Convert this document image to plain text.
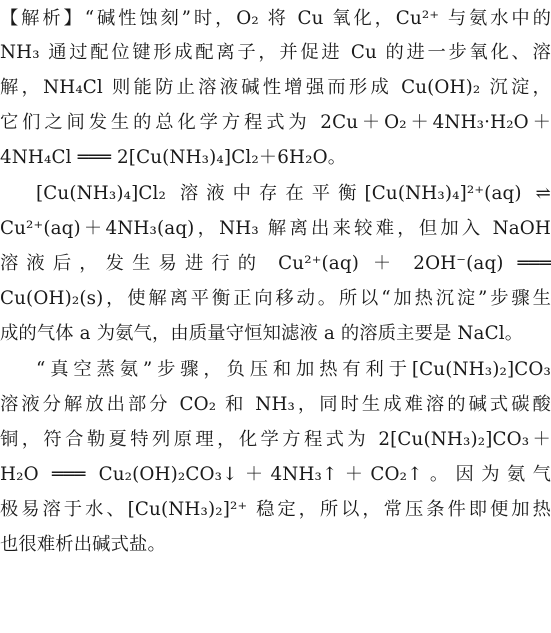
【解析】“碱性蚀刻”时，O₂ 将 Cu 氧化，Cu²⁺ 与氨水中的
NH₃ 通过配位键形成配离子，并促进 Cu 的进一步氧化、溶
解，NH₄Cl 则能防止溶液碱性增强而形成 Cu(OH)₂ 沉淀，
它们之间发生的总化学方程式为 2Cu＋O₂＋4NH₃·H₂O＋
4NH₄Cl ═══ 2[Cu(NH₃)₄]Cl₂＋6H₂O。
[Cu(NH₃)₄]Cl₂ 溶液中存在平衡[Cu(NH₃)₄]²⁺(aq) ⇌
Cu²⁺(aq)＋4NH₃(aq)，NH₃ 解离出来较难，但加入 NaOH
溶液后，发生易进行的 Cu²⁺(aq) ＋ 2OH⁻(aq) ═══
Cu(OH)₂(s)，使解离平衡正向移动。所以“加热沉淀”步骤生
成的气体 a 为氨气，由质量守恒知滤液 a 的溶质主要是 NaCl。
“真空蒸氨”步骤，负压和加热有利于[Cu(NH₃)₂]CO₃
溶液分解放出部分 CO₂ 和 NH₃，同时生成难溶的碱式碳酸
铜，符合勒夏特列原理，化学方程式为 2[Cu(NH₃)₂]CO₃＋
H₂O ═══ Cu₂(OH)₂CO₃↓＋4NH₃↑＋CO₂↑。因为氨气
极易溶于水、[Cu(NH₃)₂]²⁺ 稳定，所以，常压条件即便加热
也很难析出碱式盐。
